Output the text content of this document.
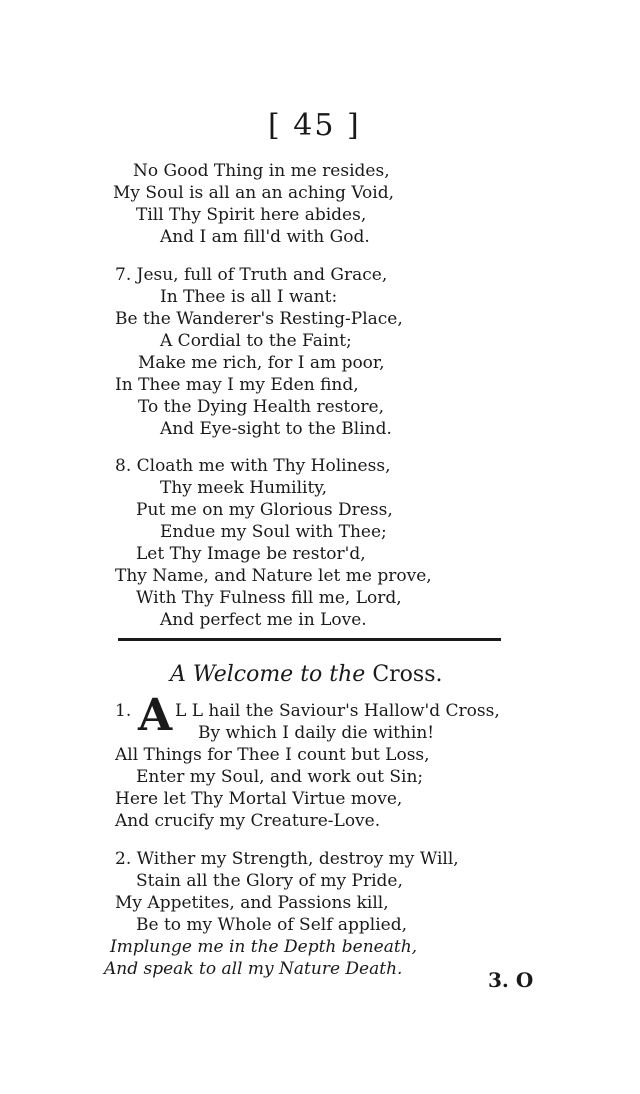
[ 45 ]
No Good Thing in me resides,
My Soul is all an an aching Void,
Till Thy Spirit here abides,
And I am fill'd with God.
7. Jesu, full of Truth and Grace,
In Thee is all I want:
Be the Wanderer's Resting-Place,
A Cordial to the Faint;
Make me rich, for I am poor,
In Thee may I my Eden find,
To the Dying Health restore,
And Eye-sight to the Blind.
8. Cloath me with Thy Holiness,
Thy meek Humility,
Put me on my Glorious Dress,
Endue my Soul with Thee;
Let Thy Image be restor'd,
Thy Name, and Nature let me prove,
With Thy Fulness fill me, Lord,
And perfect me in Love.
A Welcome to the Cross.
1. A L L hail the Saviour's Hallow'd Cross,
By which I daily die within!
All Things for Thee I count but Loss,
Enter my Soul, and work out Sin;
Here let Thy Mortal Virtue move,
And crucify my Creature-Love.
2. Wither my Strength, destroy my Will,
Stain all the Glory of my Pride,
My Appetites, and Passions kill,
Be to my Whole of Self applied,
Implunge me in the Depth beneath,
And speak to all my Nature Death.	3. O
